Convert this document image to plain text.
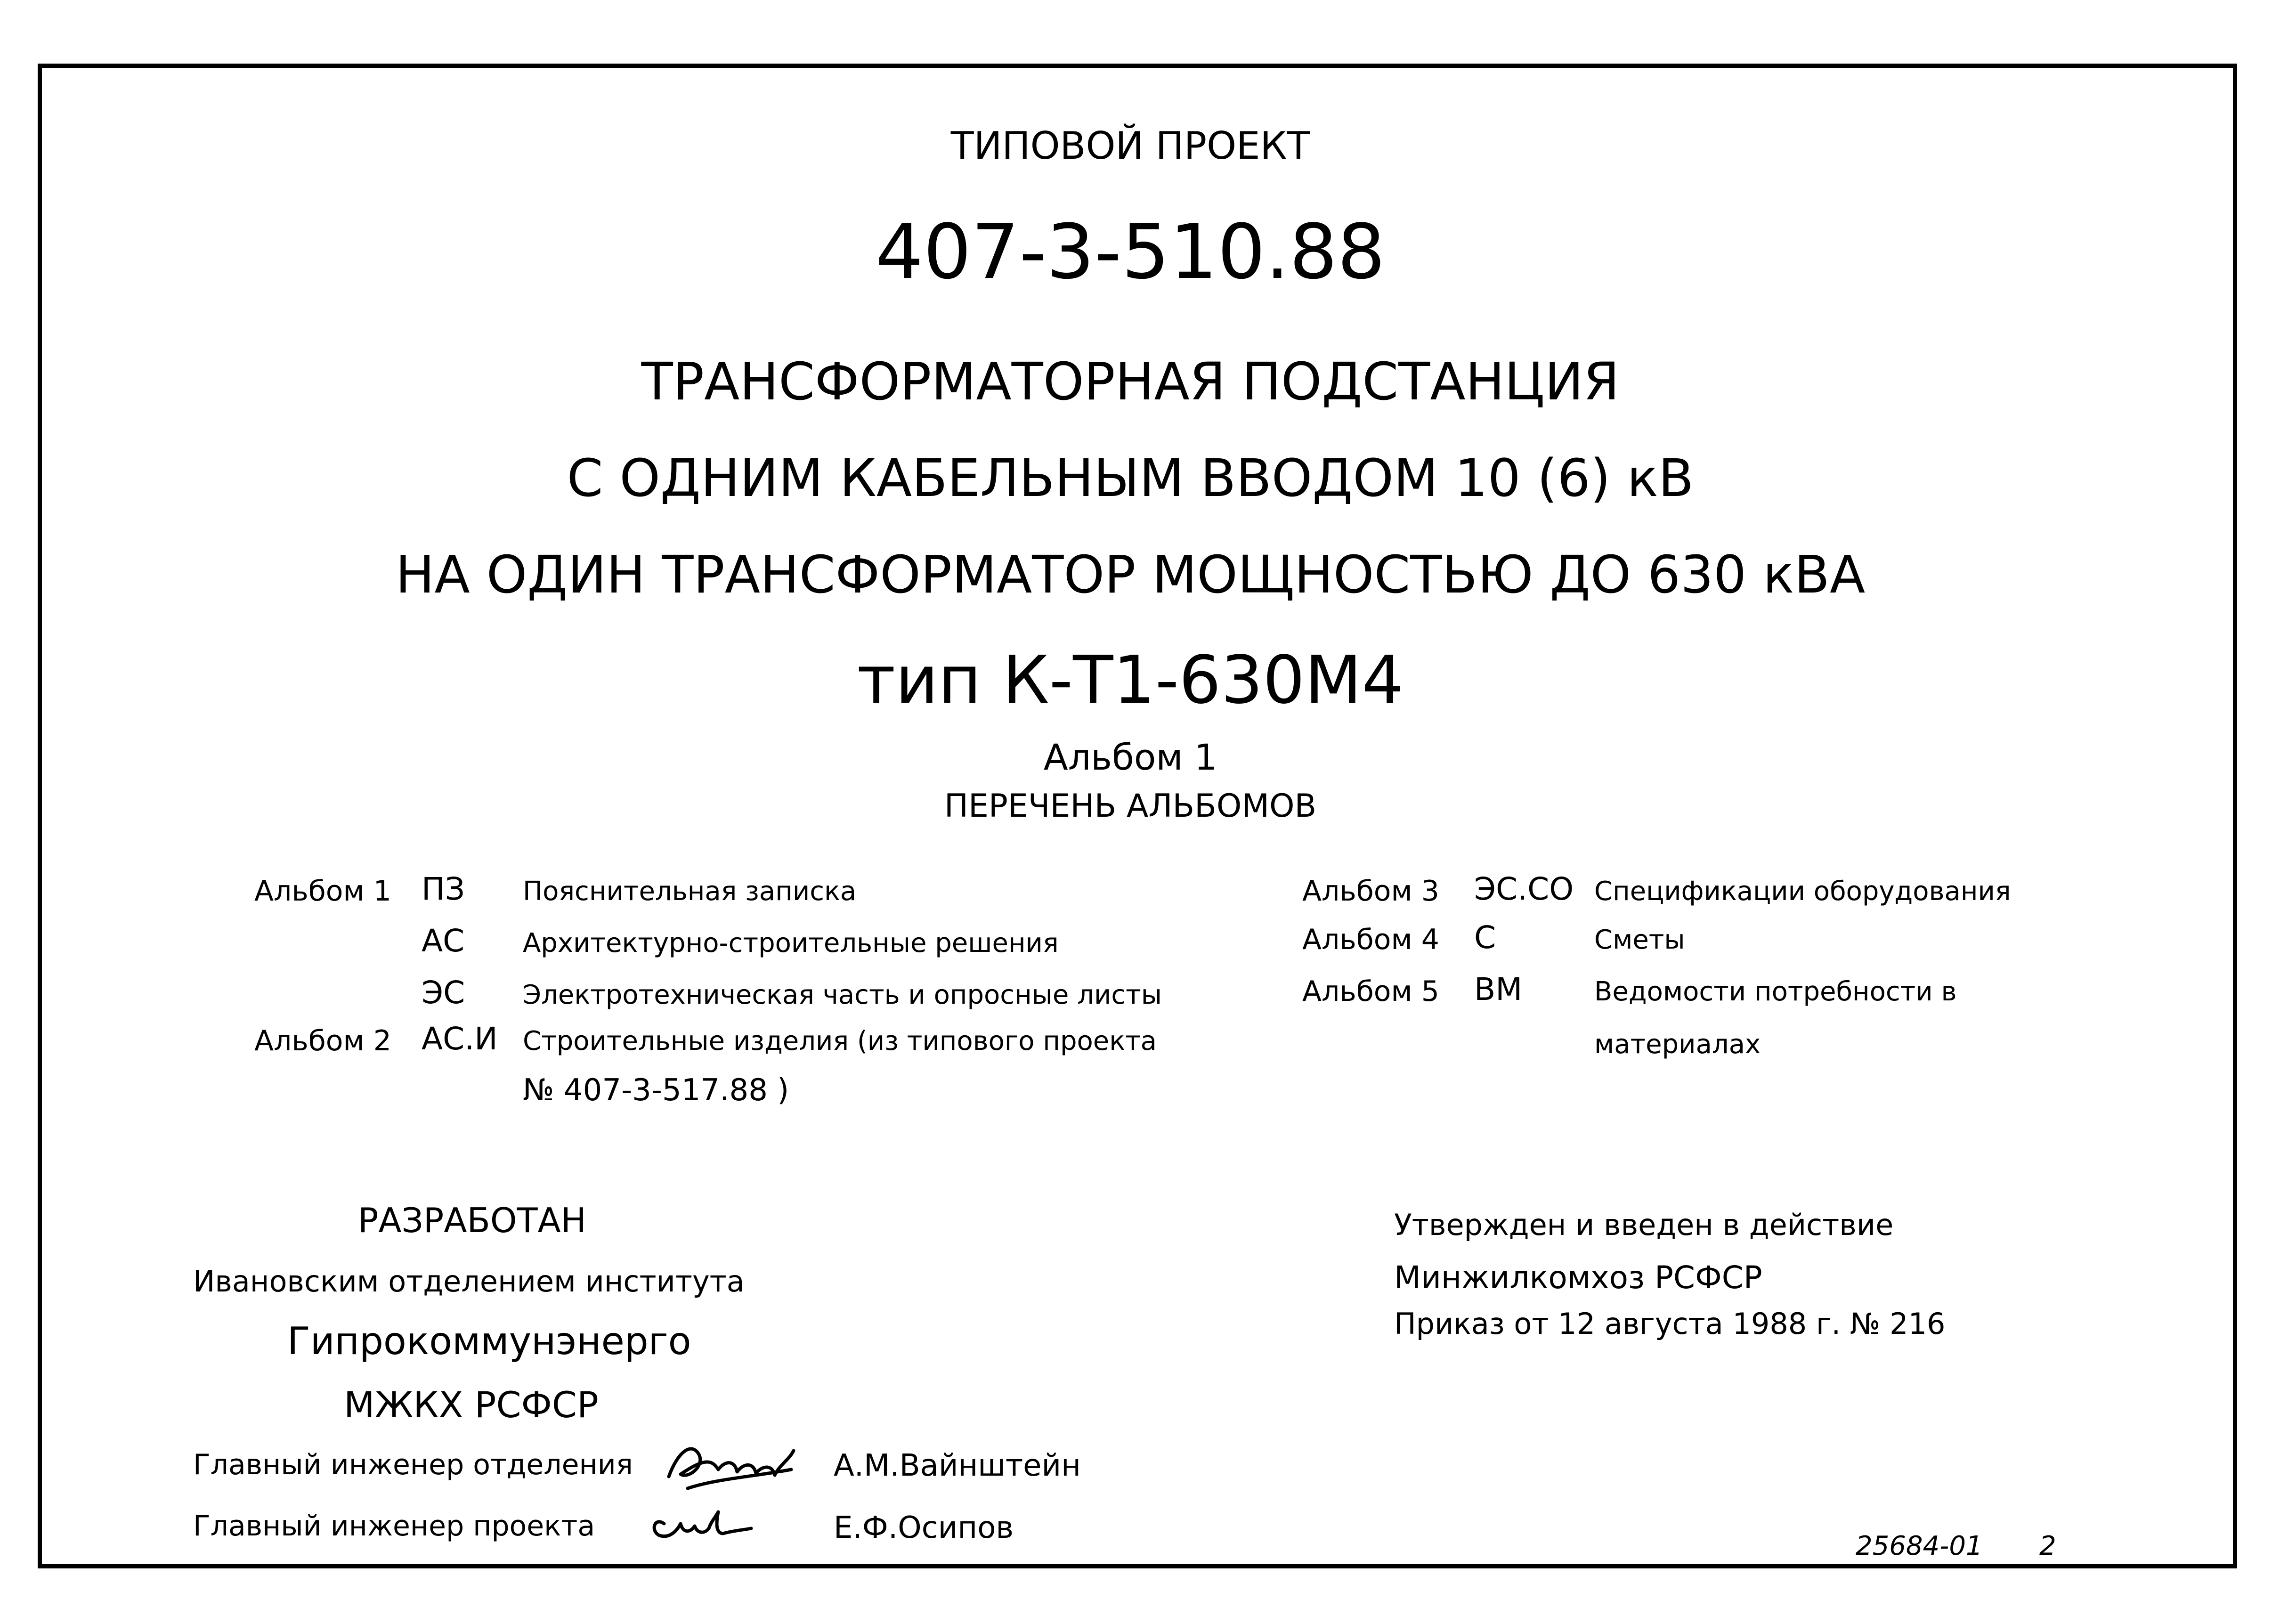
ТИПОВОЙ ПРОЕКТ
407-3-510.88
ТРАНСФОРМАТОРНАЯ ПОДСТАНЦИЯ
С ОДНИМ КАБЕЛЬНЫМ ВВОДОМ 10 (6) кВ
НА ОДИН ТРАНСФОРМАТОР МОЩНОСТЬЮ ДО 630 кВА
тип К-Т1-630М4
Альбом 1
ПЕРЕЧЕНЬ АЛЬБОМОВ
Альбом 1 ПЗ Пояснительная записка
АС Архитектурно-строительные решения
ЭС Электротехническая часть и опросные листы
Альбом 2 АС.И Строительные изделия (из типового проекта
№ 407-3-517.88 )
Альбом 3 ЭС.СО Спецификации оборудования
Альбом 4 С	Сметы
Альбом 5 ВМ	Ведомости потребности в
материалах
РАЗРАБОТАН
Ивановским отделением института
Гипрокоммунэнерго
МЖКХ РСФСР
Главный инженер отделения	А.М.Вайнштейн
Главный инженер проекта	Е.Ф.Осипов
Утвержден и введен в действие
Минжилкомхоз РСФСР
Приказ от 12 августа 1988 г. № 216
25684-01 2
